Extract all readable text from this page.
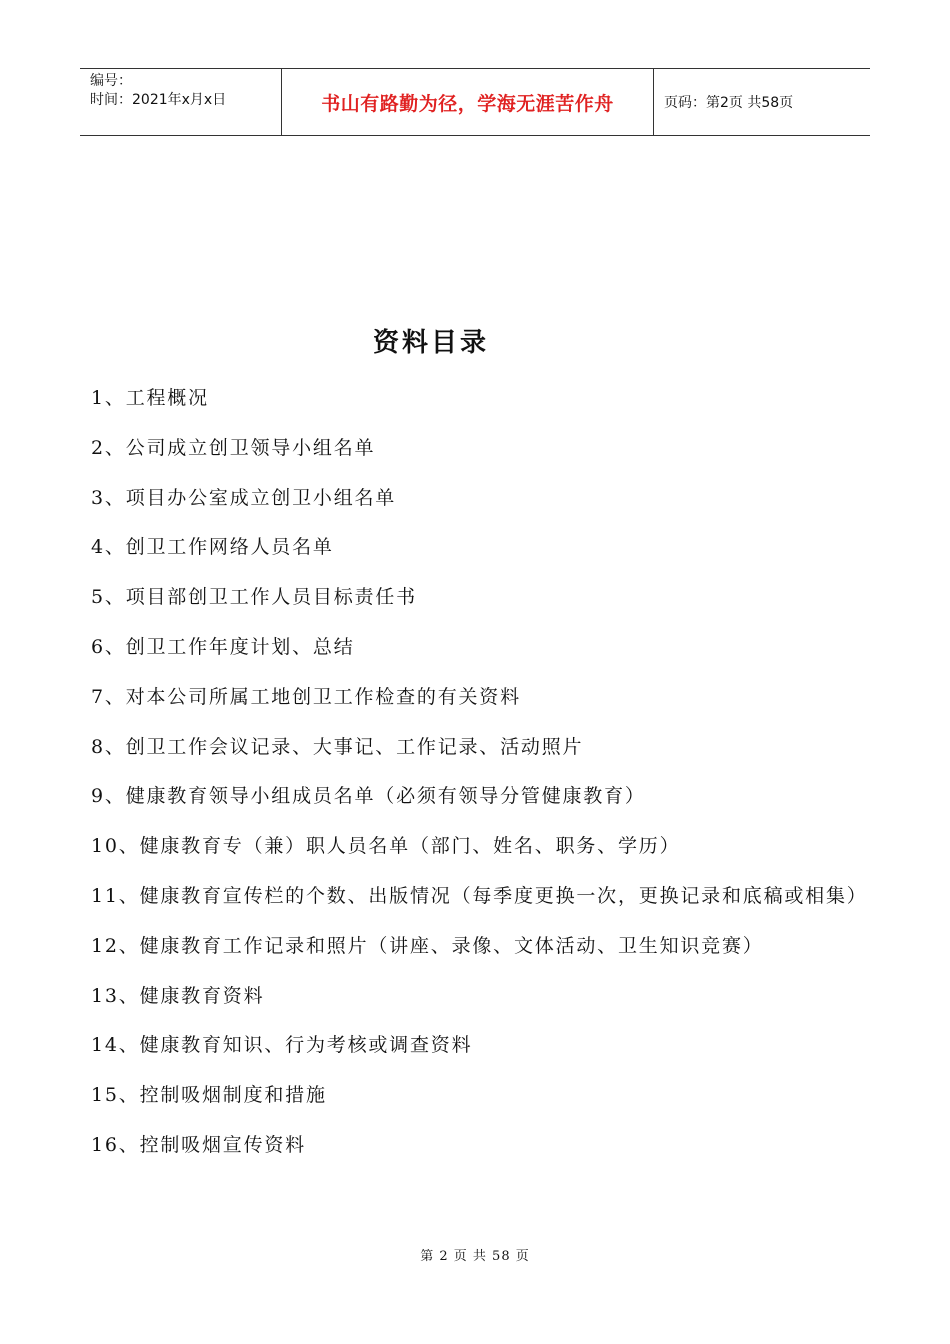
编号：
时间：2021年x月x日	书山有路勤为径，学海无涯苦作舟	页码：第2页 共58页
资料目录
1、工程概况
2、公司成立创卫领导小组名单
3、项目办公室成立创卫小组名单
4、创卫工作网络人员名单
5、项目部创卫工作人员目标责任书
6、创卫工作年度计划、总结
7、对本公司所属工地创卫工作检查的有关资料
8、创卫工作会议记录、大事记、工作记录、活动照片
9、健康教育领导小组成员名单（必须有领导分管健康教育）
10、健康教育专（兼）职人员名单（部门、姓名、职务、学历）
11、健康教育宣传栏的个数、出版情况（每季度更换一次，更换记录和底稿或相集）
12、健康教育工作记录和照片（讲座、录像、文体活动、卫生知识竞赛）
13、健康教育资料
14、健康教育知识、行为考核或调查资料
15、控制吸烟制度和措施
16、控制吸烟宣传资料
第 2 页 共 58 页
